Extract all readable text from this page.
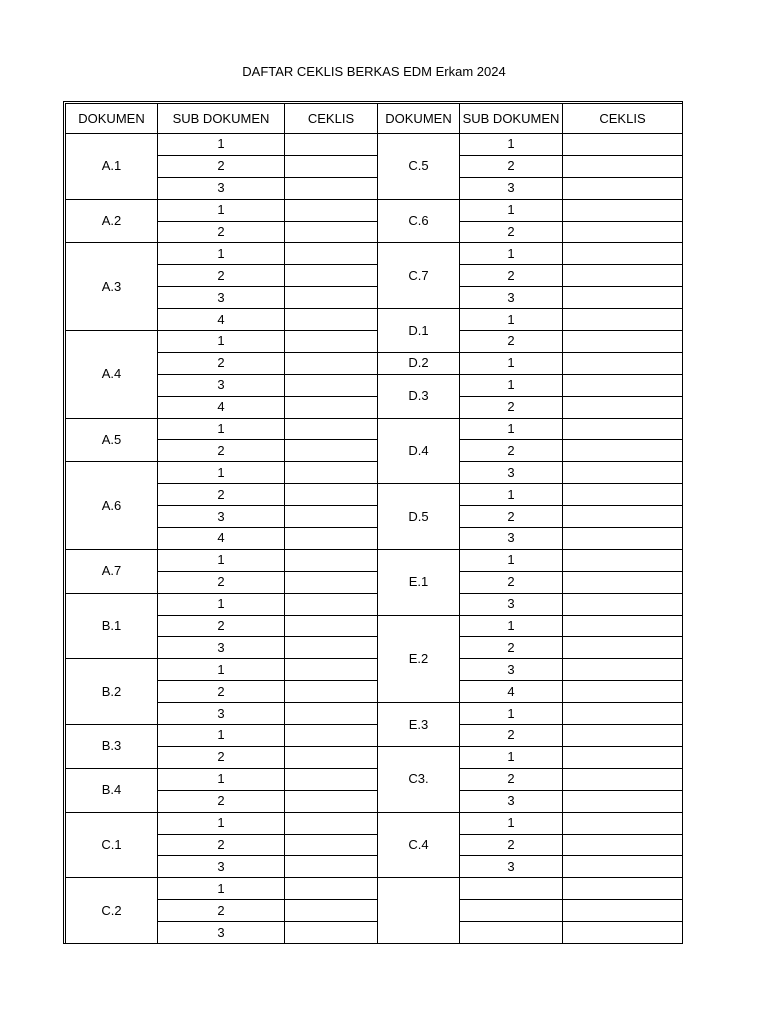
DAFTAR CEKLIS BERKAS EDM Erkam 2024
DOKUMEN	SUB DOKUMEN	CEKLIS	DOKUMEN	SUB DOKUMEN	CEKLIS
A.1	1		C.5	1	
	2			2	
	3			3	
A.2	1		C.6	1	
	2			2	
A.3	1		C.7	1	
	2			2	
	3			3	
	4		D.1	1	
A.4	1			2	
	2		D.2	1	
	3		D.3	1	
	4			2	
A.5	1		D.4	1	
	2			2	
A.6	1			3	
	2		D.5	1	
	3			2	
	4			3	
A.7	1		E.1	1	
	2			2	
B.1	1			3	
	2		E.2	1	
	3			2	
B.2	1			3	
	2			4	
	3		E.3	1	
B.3	1			2	
	2		C3.	1	
B.4	1			2	
	2			3	
C.1	1		C.4	1	
	2			2	
	3			3	
C.2	1				
	2				
	3				
